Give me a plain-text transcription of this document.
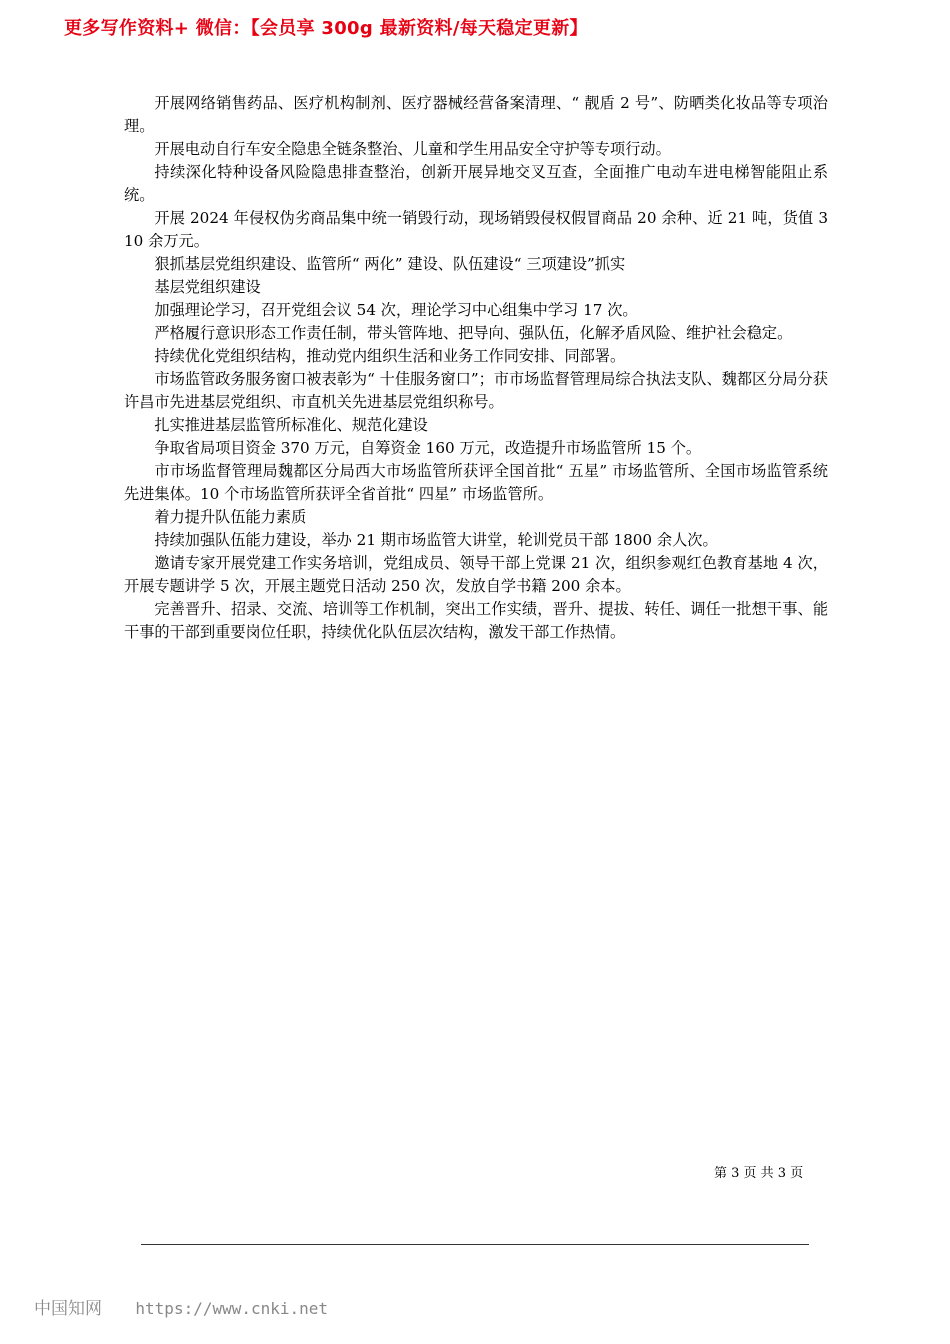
更多写作资料+ 微信：【会员享 300g 最新资料/每天稳定更新】

开展网络销售药品、医疗机构制剂、医疗器械经营备案清理、“ 靓盾 2 号”、防晒类化妆品等专项治理。

开展电动自行车安全隐患全链条整治、儿童和学生用品安全守护等专项行动。

持续深化特种设备风险隐患排查整治，创新开展异地交叉互查，全面推广电动车进电梯智能阻止系统。

开展 2024 年侵权伪劣商品集中统一销毁行动，现场销毁侵权假冒商品 20 余种、近 21 吨，货值 310 余万元。

狠抓基层党组织建设、监管所“ 两化” 建设、队伍建设“ 三项建设”抓实

基层党组织建设

加强理论学习，召开党组会议 54 次，理论学习中心组集中学习 17 次。

严格履行意识形态工作责任制，带头管阵地、把导向、强队伍，化解矛盾风险、维护社会稳定。

持续优化党组织结构，推动党内组织生活和业务工作同安排、同部署。

市场监管政务服务窗口被表彰为“ 十佳服务窗口”；市市场监督管理局综合执法支队、魏都区分局分获许昌市先进基层党组织、市直机关先进基层党组织称号。

扎实推进基层监管所标准化、规范化建设

争取省局项目资金 370 万元，自筹资金 160 万元，改造提升市场监管所 15 个。

市市场监督管理局魏都区分局西大市场监管所获评全国首批“ 五星” 市场监管所、全国市场监管系统先进集体。10 个市场监管所获评全省首批“ 四星” 市场监管所。

着力提升队伍能力素质

持续加强队伍能力建设，举办 21 期市场监管大讲堂，轮训党员干部 1800 余人次。

邀请专家开展党建工作实务培训，党组成员、领导干部上党课 21 次，组织参观红色教育基地 4 次，开展专题讲学 5 次，开展主题党日活动 250 次，发放自学书籍 200 余本。

完善晋升、招录、交流、培训等工作机制，突出工作实绩，晋升、提拔、转任、调任一批想干事、能干事的干部到重要岗位任职，持续优化队伍层次结构，激发干部工作热情。

第 3 页 共 3 页
中国知网 https://www.cnki.net
